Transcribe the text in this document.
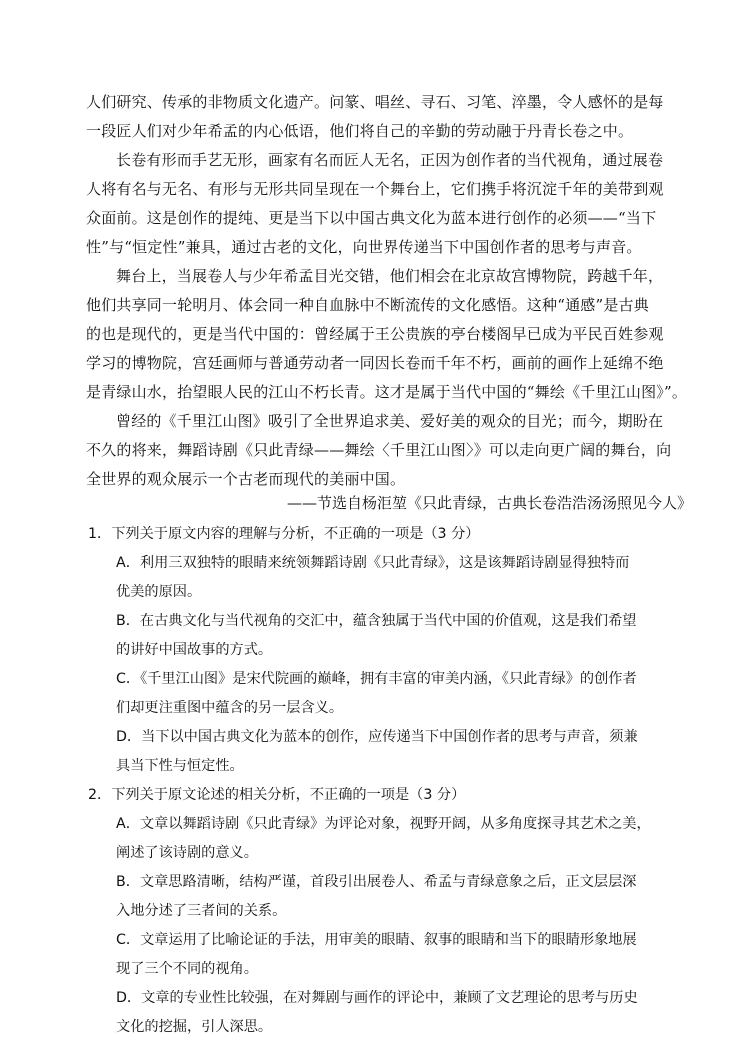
人们研究、传承的非物质文化遗产。问篆、唱丝、寻石、习笔、淬墨，令人感怀的是每
一段匠人们对少年希孟的内心低语，他们将自己的辛勤的劳动融于丹青长卷之中。
长卷有形而手艺无形，画家有名而匠人无名，正因为创作者的当代视角，通过展卷
人将有名与无名、有形与无形共同呈现在一个舞台上，它们携手将沉淀千年的美带到观
众面前。这是创作的提纯、更是当下以中国古典文化为蓝本进行创作的必须——“当下
性”与“恒定性”兼具，通过古老的文化，向世界传递当下中国创作者的思考与声音。
舞台上，当展卷人与少年希孟目光交错，他们相会在北京故宫博物院，跨越千年，
他们共享同一轮明月、体会同一种自血脉中不断流传的文化感悟。这种“通感”是古典
的也是现代的，更是当代中国的：曾经属于王公贵族的亭台楼阁早已成为平民百姓参观
学习的博物院，宫廷画师与普通劳动者一同因长卷而千年不朽，画前的画作上延绵不绝
是青绿山水，抬望眼人民的江山不朽长青。这才是属于当代中国的“舞绘《千里江山图》”。
曾经的《千里江山图》吸引了全世界追求美、爱好美的观众的目光；而今，期盼在
不久的将来，舞蹈诗剧《只此青绿——舞绘〈千里江山图〉》可以走向更广阔的舞台，向
全世界的观众展示一个古老而现代的美丽中国。
——节选自杨洰堃《只此青绿，古典长卷浩浩汤汤照见今人》
1．下列关于原文内容的理解与分析，不正确的一项是（3 分）
A．利用三双独特的眼睛来统领舞蹈诗剧《只此青绿》，这是该舞蹈诗剧显得独特而
优美的原因。
B．在古典文化与当代视角的交汇中，蕴含独属于当代中国的价值观，这是我们希望
的讲好中国故事的方式。
C．《千里江山图》是宋代院画的巅峰，拥有丰富的审美内涵，《只此青绿》的创作者
们却更注重图中蕴含的另一层含义。
D．当下以中国古典文化为蓝本的创作，应传递当下中国创作者的思考与声音，须兼
具当下性与恒定性。
2．下列关于原文论述的相关分析，不正确的一项是（3 分）
A．文章以舞蹈诗剧《只此青绿》为评论对象，视野开阔，从多角度探寻其艺术之美，
阐述了该诗剧的意义。
B．文章思路清晰，结构严谨，首段引出展卷人、希孟与青绿意象之后，正文层层深
入地分述了三者间的关系。
C．文章运用了比喻论证的手法，用审美的眼睛、叙事的眼睛和当下的眼睛形象地展
现了三个不同的视角。
D．文章的专业性比较强，在对舞剧与画作的评论中，兼顾了文艺理论的思考与历史
文化的挖掘，引人深思。
